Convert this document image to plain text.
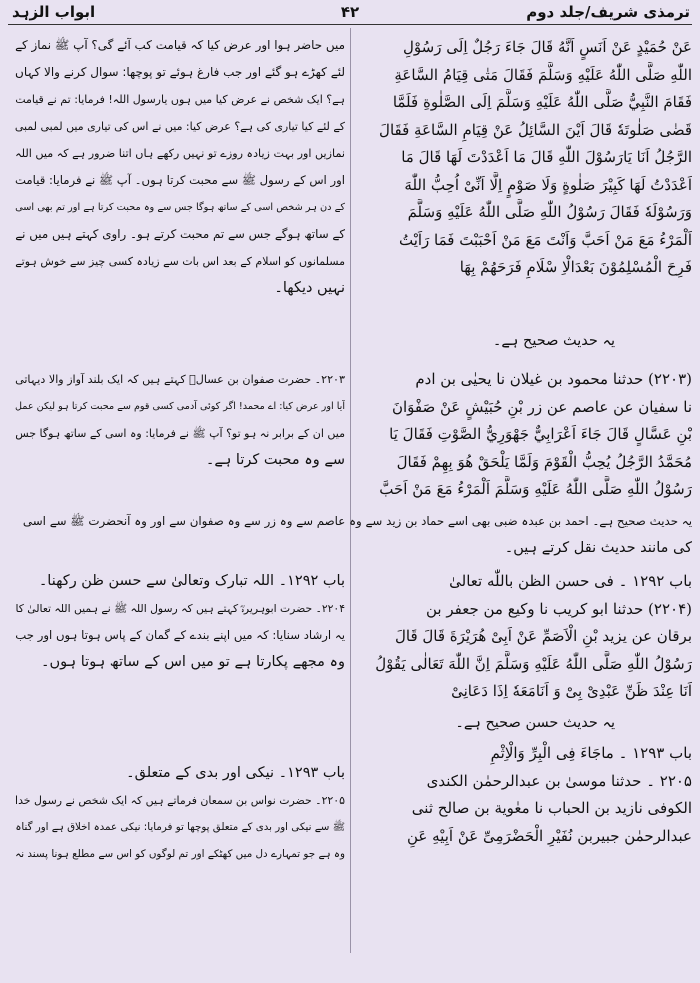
ابواب الزہد	۴۲	ترمذی شریف/جلد دوم
عَنْ حُمَيْدٍ عَنْ اَنَسٍ اَنَّهُ قَالَ جَاءَ رَجُلٌ اِلَى رَسُوْلِ
اللّٰهِ صَلَّى اللّٰهُ عَلَيْهِ وَسَلَّمَ فَقَالَ مَتٰى قِيَامُ السَّاعَةِ
فَقَامَ النَّبِيُّ صَلَّى اللّٰهُ عَلَيْهِ وَسَلَّمَ اِلَى الصَّلٰوةِ فَلَمَّا
قَضٰى صَلٰوتَهٗ قَالَ اَيْنَ السَّائِلُ عَنْ قِيَامِ السَّاعَةِ فَقَالَ
الرَّجُلُ اَنَا يَارَسُوْلَ اللّٰهِ قَالَ مَا اَعْدَدْتَ لَهَا قَالَ مَا
اَعْدَدْتُ لَهَا كَبِيْرَ صَلٰوةٍ وَلَا صَوْمٍ اِلَّا اَنِّىْ اُحِبُّ اللّٰهَ
وَرَسُوْلَهٗ فَقَالَ رَسُوْلُ اللّٰهِ صَلَّى اللّٰهُ عَلَيْهِ وَسَلَّمَ
اَلْمَرْءُ مَعَ مَنْ اَحَبَّ وَاَنْتَ مَعَ مَنْ اَحْبَبْتَ فَمَا رَاَيْتُ
فَرِحَ الْمُسْلِمُوْنَ بَعْدَالْاِ سْلَامِ فَرَحَهُمْ بِهَا
میں حاضر ہوا اور عرض کیا کہ قیامت کب آئے گی؟ آپ ﷺ نماز کے
لئے کھڑے ہو گئے اور جب فارغ ہوئے تو پوچھا: سوال کرنے والا کہاں
ہے؟ ایک شخص نے عرض کیا میں ہوں یارسول اللہ! فرمایا: تم نے قیامت
کے لئے کیا تیاری کی ہے؟ عرض کیا: میں نے اس کی تیاری میں لمبی لمبی
نمازیں اور بہت زیادہ روزے تو نہیں رکھے ہاں اتنا ضرور ہے کہ میں اللہ
اور اس کے رسول ﷺ سے محبت کرتا ہوں۔ آپ ﷺ نے فرمایا: قیامت
کے دن ہر شخص اسی کے ساتھ ہوگا جس سے وہ محبت کرتا ہے اور تم بھی اسی
کے ساتھ ہوگے جس سے تم محبت کرتے ہو۔ راوی کہتے ہیں میں نے
مسلمانوں کو اسلام کے بعد اس بات سے زیادہ کسی چیز سے خوش ہوتے
نہیں دیکھا۔
یہ حدیث صحیح ہے۔
(۲۲۰۳) حدثنا محمود بن غيلان نا يحيٰى بن ادم
نا سفيان عن عاصم عن زر بْنِ حُبَيْشٍ عَنْ صَفْوَانَ
بْنِ عَسَّالٍ قَالَ جَاءَ اَعْرَابِيٌّ جَهْوَرِيُّ الصَّوْتِ فَقَالَ يَا
مُحَمَّدُ الرَّجُلُ يُحِبُّ الْقَوْمَ وَلَمَّا يَلْحَقْ هُوَ بِهِمْ فَقَالَ
رَسُوْلُ اللّٰهِ صَلَّى اللّٰهُ عَلَيْهِ وَسَلَّمَ اَلْمَرْءُ مَعَ مَنْ اَحَبَّ
۲۲۰۳۔ حضرت صفوان بن عسالؓ کہتے ہیں کہ ایک بلند آواز والا دیہاتی
آیا اور عرض کیا: اے محمد! اگر کوئی آدمی کسی قوم سے محبت کرتا ہو لیکن عمل
میں ان کے برابر نہ ہو تو؟ آپ ﷺ نے فرمایا: وہ اسی کے ساتھ ہوگا جس
سے وہ محبت کرتا ہے۔
یہ حدیث صحیح ہے۔ احمد بن عبدہ ضبی بھی اسے حماد بن زید سے وہ عاصم سے وہ زر سے وہ صفوان سے اور وہ آنحضرت ﷺ سے اسی
کی مانند حدیث نقل کرتے ہیں۔
باب ۱۲۹۲ ۔ فى حسن الظن باللّٰه تعالىٰ
(۲۲۰۴) حدثنا ابو كريب نا وكيع من جعفر بن
برقان عن يزيد بْنِ الْاَصَمِّ عَنْ اَبِىْ هُرَيْرَةَ قَالَ قَالَ
رَسُوْلُ اللّٰهِ صَلَّى اللّٰهُ عَلَيْهِ وَسَلَّمَ اِنَّ اللّٰهَ تَعَالٰى يَقُوْلُ
اَنَا عِنْدَ ظَنِّ عَبْدِىْ بِىْ وَ اَنَامَعَهٗ اِذَا دَعَانِىْ
باب ۱۲۹۲۔ اللہ تبارک وتعالیٰ سے حسن ظن رکھنا۔
۲۲۰۴۔ حضرت ابوہریرہؓ کہتے ہیں کہ رسول اللہ ﷺ نے ہمیں اللہ تعالیٰ کا
یہ ارشاد سنایا: کہ میں اپنے بندے کے گمان کے پاس ہوتا ہوں اور جب
وہ مجھے پکارتا ہے تو میں اس کے ساتھ ہوتا ہوں۔
یہ حدیث حسن صحیح ہے۔
باب ۱۲۹۳ ۔ ماجَاءَ فِى الْبِرِّ وَالْاِثْمِ
۲۲۰۵ ۔ حدثنا موسىٰ بن عبدالرحمٰن الكندى
الكوفى نازيد بن الحباب نا معٰوية بن صالح ثنى
عبدالرحمٰن جبيربن نُفَيْرِ الْحَضْرَمِىِّ عَنْ اَبِيْهِ عَنِ
باب ۱۲۹۳۔ نیکی اور بدی کے متعلق۔
۲۲۰۵۔ حضرت نواس بن سمعان فرماتے ہیں کہ ایک شخص نے رسول خدا
ﷺ سے نیکی اور بدی کے متعلق پوچھا تو فرمایا: نیکی عمدہ اخلاق ہے اور گناہ
وہ ہے جو تمہارے دل میں کھٹکے اور تم لوگوں کو اس سے مطلع ہونا پسند نہ
